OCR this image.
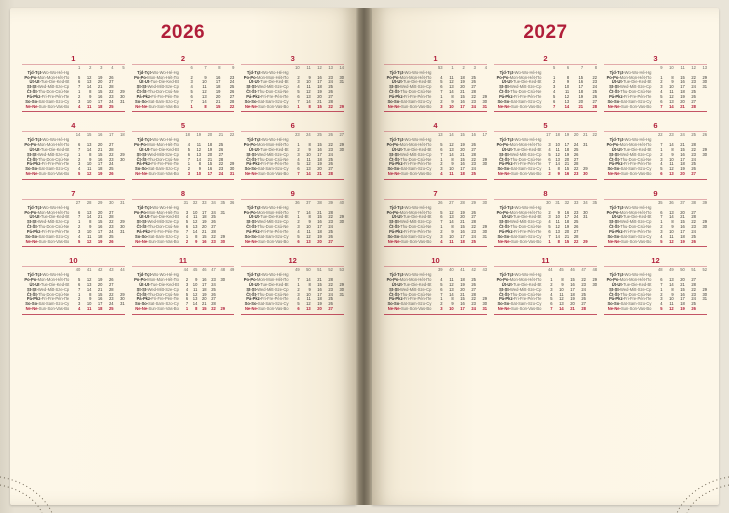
2026
1
	1	2	3	4	5
Tjd-Tçt-Wo-Wo-Hé-Hg					
Po-Po-Mon-Mon-Hét-Пo	5	12	19	26	
Út-Ut-Tue-Die-Ked-Bt	6	13	20	27	
St-St-Wed-Mitt-Sze-Cp	7	14	21	28	
Čt-Št-Thu-Don-Csú-Ne	1	8	15	22	29
Pá-Pkz-Fri-Fre-Pén-Пe	2	9	16	23	30
So-So-Sat-Sam-Szo-Cy	3	10	17	24	31
Ne-Ne-Sun-Son-Vas-Bo	4	11	18	25	
2
	6	7	8	9
Tjd-Tçt-Wo-Wo-Hé-Hg				
Po-Po-Mon-Mon-Hét-Пo	2	9	16	23
Út-Ut-Tue-Die-Ked-Bt	3	10	17	24
St-St-Wed-Mitt-Sze-Cp	4	11	18	25
Čt-Št-Thu-Don-Csú-Ne	5	12	19	26
Pá-Pkz-Fri-Fre-Pén-Пe	6	13	20	27
So-So-Sat-Sam-Szo-Cy	7	14	21	28
Ne-Ne-Sun-Son-Vas-Bo	1	8	15	22
3
	10	11	12	13	14
Tjd-Tçt-Wo-Wo-Hé-Hg					
Po-Po-Mon-Mon-Hét-Пo	2	9	16	23	30
Út-Ut-Tue-Die-Ked-Bt	3	10	17	24	31
St-St-Wed-Mitt-Sze-Cp	4	11	18	25	
Čt-Št-Thu-Don-Csú-Ne	5	12	19	26	
Pá-Pkz-Fri-Fre-Pén-Пe	6	13	20	27	
So-So-Sat-Sam-Szo-Cy	7	14	21	28	
Ne-Ne-Sun-Son-Vas-Bo	1	8	15	22	29
4
	14	15	16	17	18
Tjd-Tçt-Wo-Wo-Hé-Hg					
Po-Po-Mon-Mon-Hét-Пo	6	13	20	27	
Út-Ut-Tue-Die-Ked-Bt	7	14	21	28	
St-St-Wed-Mitt-Sze-Cp	1	8	15	22	29
Čt-Št-Thu-Don-Csú-Ne	2	9	16	23	30
Pá-Pkz-Fri-Fre-Pén-Пe	3	10	17	24	
So-So-Sat-Sam-Szo-Cy	4	11	18	25	
Ne-Ne-Sun-Son-Vas-Bo	5	12	19	26	
5
	18	19	20	21	22
Tjd-Tçt-Wo-Wo-Hé-Hg					
Po-Po-Mon-Mon-Hét-Пo	4	11	18	25	
Út-Ut-Tue-Die-Ked-Bt	5	12	19	26	
St-St-Wed-Mitt-Sze-Cp	6	13	20	27	
Čt-Št-Thu-Don-Csú-Ne	7	14	21	28	
Pá-Pkz-Fri-Fre-Pén-Пe	1	8	15	22	29
So-So-Sat-Sam-Szo-Cy	2	9	16	23	30
Ne-Ne-Sun-Son-Vas-Bo	3	10	17	24	31
6
	23	24	25	26	27
Tjd-Tçt-Wo-Wo-Hé-Hg					
Po-Po-Mon-Mon-Hét-Пo	1	8	15	22	29
Út-Ut-Tue-Die-Ked-Bt	2	9	16	23	30
St-St-Wed-Mitt-Sze-Cp	3	10	17	24	
Čt-Št-Thu-Don-Csú-Ne	4	11	18	25	
Pá-Pkz-Fri-Fre-Pén-Пe	5	12	19	26	
So-So-Sat-Sam-Szo-Cy	6	13	20	27	
Ne-Ne-Sun-Son-Vas-Bo	7	14	21	28	
7
	27	28	29	30	31
Tjd-Tçt-Wo-Wo-Hé-Hg					
Po-Po-Mon-Mon-Hét-Пo	6	13	20	27	
Út-Ut-Tue-Die-Ked-Bt	7	14	21	28	
St-St-Wed-Mitt-Sze-Cp	1	8	15	22	29
Čt-Št-Thu-Don-Csú-Ne	2	9	16	23	30
Pá-Pkz-Fri-Fre-Pén-Пe	3	10	17	24	31
So-So-Sat-Sam-Szo-Cy	4	11	18	25	
Ne-Ne-Sun-Son-Vas-Bo	5	12	19	26	
8
	31	32	33	34	35	36
Tjd-Tçt-Wo-Wo-Hé-Hg						
Po-Po-Mon-Mon-Hét-Пo	3	10	17	24	31	
Út-Ut-Tue-Die-Ked-Bt	4	11	18	25		
St-St-Wed-Mitt-Sze-Cp	5	12	19	26		
Čt-Št-Thu-Don-Csú-Ne	6	13	20	27		
Pá-Pkz-Fri-Fre-Pén-Пe	7	14	21	28		
So-So-Sat-Sam-Szo-Cy	1	8	15	22	29	
Ne-Ne-Sun-Son-Vas-Bo	2	9	16	23	30	
9
	36	37	38	39	40
Tjd-Tçt-Wo-Wo-Hé-Hg					
Po-Po-Mon-Mon-Hét-Пo	7	14	21	28	
Út-Ut-Tue-Die-Ked-Bt	1	8	15	22	29
St-St-Wed-Mitt-Sze-Cp	2	9	16	23	30
Čt-Št-Thu-Don-Csú-Ne	3	10	17	24	
Pá-Pkz-Fri-Fre-Pén-Пe	4	11	18	25	
So-So-Sat-Sam-Szo-Cy	5	12	19	26	
Ne-Ne-Sun-Son-Vas-Bo	6	13	20	27	
10
	40	41	42	43	44
Tjd-Tçt-Wo-Wo-Hé-Hg					
Po-Po-Mon-Mon-Hét-Пo	5	12	19	26	
Út-Ut-Tue-Die-Ked-Bt	6	13	20	27	
St-St-Wed-Mitt-Sze-Cp	7	14	21	28	
Čt-Št-Thu-Don-Csú-Ne	1	8	15	22	29
Pá-Pkz-Fri-Fre-Pén-Пe	2	9	16	23	30
So-So-Sat-Sam-Szo-Cy	3	10	17	24	31
Ne-Ne-Sun-Son-Vas-Bo	4	11	18	25	
11
	44	45	46	47	48	49
Tjd-Tçt-Wo-Wo-Hé-Hg						
Po-Po-Mon-Mon-Hét-Пo	2	9	16	23	30	
Út-Ut-Tue-Die-Ked-Bt	3	10	17	24		
St-St-Wed-Mitt-Sze-Cp	4	11	18	25		
Čt-Št-Thu-Don-Csú-Ne	5	12	19	26		
Pá-Pkz-Fri-Fre-Pén-Пe	6	13	20	27		
So-So-Sat-Sam-Szo-Cy	7	14	21	28		
Ne-Ne-Sun-Son-Vas-Bo	1	8	15	22	29	
12
	49	50	51	52	53
Tjd-Tçt-Wo-Wo-Hé-Hg					
Po-Po-Mon-Mon-Hét-Пo	7	14	21	28	
Út-Ut-Tue-Die-Ked-Bt	1	8	15	22	29
St-St-Wed-Mitt-Sze-Cp	2	9	16	23	30
Čt-Št-Thu-Don-Csú-Ne	3	10	17	24	31
Pá-Pkz-Fri-Fre-Pén-Пe	4	11	18	25	
So-So-Sat-Sam-Szo-Cy	5	12	19	26	
Ne-Ne-Sun-Son-Vas-Bo	6	13	20	27	
2027
1
	53	1	2	3	4
Tjd-Tçt-Wo-Wo-Hé-Hg					
Po-Po-Mon-Mon-Hét-Пo	4	11	18	25	
Út-Ut-Tue-Die-Ked-Bt	5	12	19	26	
St-St-Wed-Mitt-Sze-Cp	6	13	20	27	
Čt-Št-Thu-Don-Csú-Ne	7	14	21	28	
Pá-Pkz-Fri-Fre-Pén-Пe	1	8	15	22	29
So-So-Sat-Sam-Szo-Cy	2	9	16	23	30
Ne-Ne-Sun-Son-Vas-Bo	3	10	17	24	31
2
	5	6	7	8
Tjd-Tçt-Wo-Wo-Hé-Hg				
Po-Po-Mon-Mon-Hét-Пo	1	8	15	22
Út-Ut-Tue-Die-Ked-Bt	2	9	16	23
St-St-Wed-Mitt-Sze-Cp	3	10	17	24
Čt-Št-Thu-Don-Csú-Ne	4	11	18	25
Pá-Pkz-Fri-Fre-Pén-Пe	5	12	19	26
So-So-Sat-Sam-Szo-Cy	6	13	20	27
Ne-Ne-Sun-Son-Vas-Bo	7	14	21	28
3
	9	10	11	12	13
Tjd-Tçt-Wo-Wo-Hé-Hg					
Po-Po-Mon-Mon-Hét-Пo	1	8	15	22	29
Út-Ut-Tue-Die-Ked-Bt	2	9	16	23	30
St-St-Wed-Mitt-Sze-Cp	3	10	17	24	31
Čt-Št-Thu-Don-Csú-Ne	4	11	18	25	
Pá-Pkz-Fri-Fre-Pén-Пe	5	12	19	26	
So-So-Sat-Sam-Szo-Cy	6	13	20	27	
Ne-Ne-Sun-Son-Vas-Bo	7	14	21	28	
4
	13	14	15	16	17
Tjd-Tçt-Wo-Wo-Hé-Hg					
Po-Po-Mon-Mon-Hét-Пo	5	12	19	26	
Út-Ut-Tue-Die-Ked-Bt	6	13	20	27	
St-St-Wed-Mitt-Sze-Cp	7	14	21	28	
Čt-Št-Thu-Don-Csú-Ne	1	8	15	22	29
Pá-Pkz-Fri-Fre-Pén-Пe	2	9	16	23	30
So-So-Sat-Sam-Szo-Cy	3	10	17	24	
Ne-Ne-Sun-Son-Vas-Bo	4	11	18	25	
5
	17	18	19	20	21	22
Tjd-Tçt-Wo-Wo-Hé-Hg						
Po-Po-Mon-Mon-Hét-Пo	3	10	17	24	31	
Út-Ut-Tue-Die-Ked-Bt	4	11	18	25		
St-St-Wed-Mitt-Sze-Cp	5	12	19	26		
Čt-Št-Thu-Don-Csú-Ne	6	13	20	27		
Pá-Pkz-Fri-Fre-Pén-Пe	7	14	21	28		
So-So-Sat-Sam-Szo-Cy	1	8	15	22	29	
Ne-Ne-Sun-Son-Vas-Bo	2	9	16	23	30	
6
	22	23	24	25	26
Tjd-Tçt-Wo-Wo-Hé-Hg					
Po-Po-Mon-Mon-Hét-Пo	7	14	21	28	
Út-Ut-Tue-Die-Ked-Bt	1	8	15	22	29
St-St-Wed-Mitt-Sze-Cp	2	9	16	23	30
Čt-Št-Thu-Don-Csú-Ne	3	10	17	24	
Pá-Pkz-Fri-Fre-Pén-Пe	4	11	18	25	
So-So-Sat-Sam-Szo-Cy	5	12	19	26	
Ne-Ne-Sun-Son-Vas-Bo	6	13	20	27	
7
	26	27	28	29	30
Tjd-Tçt-Wo-Wo-Hé-Hg					
Po-Po-Mon-Mon-Hét-Пo	5	12	19	26	
Út-Ut-Tue-Die-Ked-Bt	6	13	20	27	
St-St-Wed-Mitt-Sze-Cp	7	14	21	28	
Čt-Št-Thu-Don-Csú-Ne	1	8	15	22	29
Pá-Pkz-Fri-Fre-Pén-Пe	2	9	16	23	30
So-So-Sat-Sam-Szo-Cy	3	10	17	24	31
Ne-Ne-Sun-Son-Vas-Bo	4	11	18	25	
8
	30	31	32	33	34	35
Tjd-Tçt-Wo-Wo-Hé-Hg						
Po-Po-Mon-Mon-Hét-Пo	2	9	16	23	30	
Út-Ut-Tue-Die-Ked-Bt	3	10	17	24	31	
St-St-Wed-Mitt-Sze-Cp	4	11	18	25		
Čt-Št-Thu-Don-Csú-Ne	5	12	19	26		
Pá-Pkz-Fri-Fre-Pén-Пe	6	13	20	27		
So-So-Sat-Sam-Szo-Cy	7	14	21	28		
Ne-Ne-Sun-Son-Vas-Bo	1	8	15	22	29	
9
	35	36	37	38	39
Tjd-Tçt-Wo-Wo-Hé-Hg					
Po-Po-Mon-Mon-Hét-Пo	6	13	20	27	
Út-Ut-Tue-Die-Ked-Bt	7	14	21	28	
St-St-Wed-Mitt-Sze-Cp	1	8	15	22	29
Čt-Št-Thu-Don-Csú-Ne	2	9	16	23	30
Pá-Pkz-Fri-Fre-Pén-Пe	3	10	17	24	
So-So-Sat-Sam-Szo-Cy	4	11	18	25	
Ne-Ne-Sun-Son-Vas-Bo	5	12	19	26	
10
	39	40	41	42	43
Tjd-Tçt-Wo-Wo-Hé-Hg					
Po-Po-Mon-Mon-Hét-Пo	4	11	18	25	
Út-Ut-Tue-Die-Ked-Bt	5	12	19	26	
St-St-Wed-Mitt-Sze-Cp	6	13	20	27	
Čt-Št-Thu-Don-Csú-Ne	7	14	21	28	
Pá-Pkz-Fri-Fre-Pén-Пe	1	8	15	22	29
So-So-Sat-Sam-Szo-Cy	2	9	16	23	30
Ne-Ne-Sun-Son-Vas-Bo	3	10	17	24	31
11
	44	45	46	47	48
Tjd-Tçt-Wo-Wo-Hé-Hg					
Po-Po-Mon-Mon-Hét-Пo	1	8	15	22	29
Út-Ut-Tue-Die-Ked-Bt	2	9	16	23	30
St-St-Wed-Mitt-Sze-Cp	3	10	17	24	
Čt-Št-Thu-Don-Csú-Ne	4	11	18	25	
Pá-Pkz-Fri-Fre-Pén-Пe	5	12	19	26	
So-So-Sat-Sam-Szo-Cy	6	13	20	27	
Ne-Ne-Sun-Son-Vas-Bo	7	14	21	28	
12
	48	49	50	51	52
Tjd-Tçt-Wo-Wo-Hé-Hg					
Po-Po-Mon-Mon-Hét-Пo	6	13	20	27	
Út-Ut-Tue-Die-Ked-Bt	7	14	21	28	
St-St-Wed-Mitt-Sze-Cp	1	8	15	22	29
Čt-Št-Thu-Don-Csú-Ne	2	9	16	23	30
Pá-Pkz-Fri-Fre-Pén-Пe	3	10	17	24	31
So-So-Sat-Sam-Szo-Cy	4	11	18	25	
Ne-Ne-Sun-Son-Vas-Bo	5	12	19	26	
